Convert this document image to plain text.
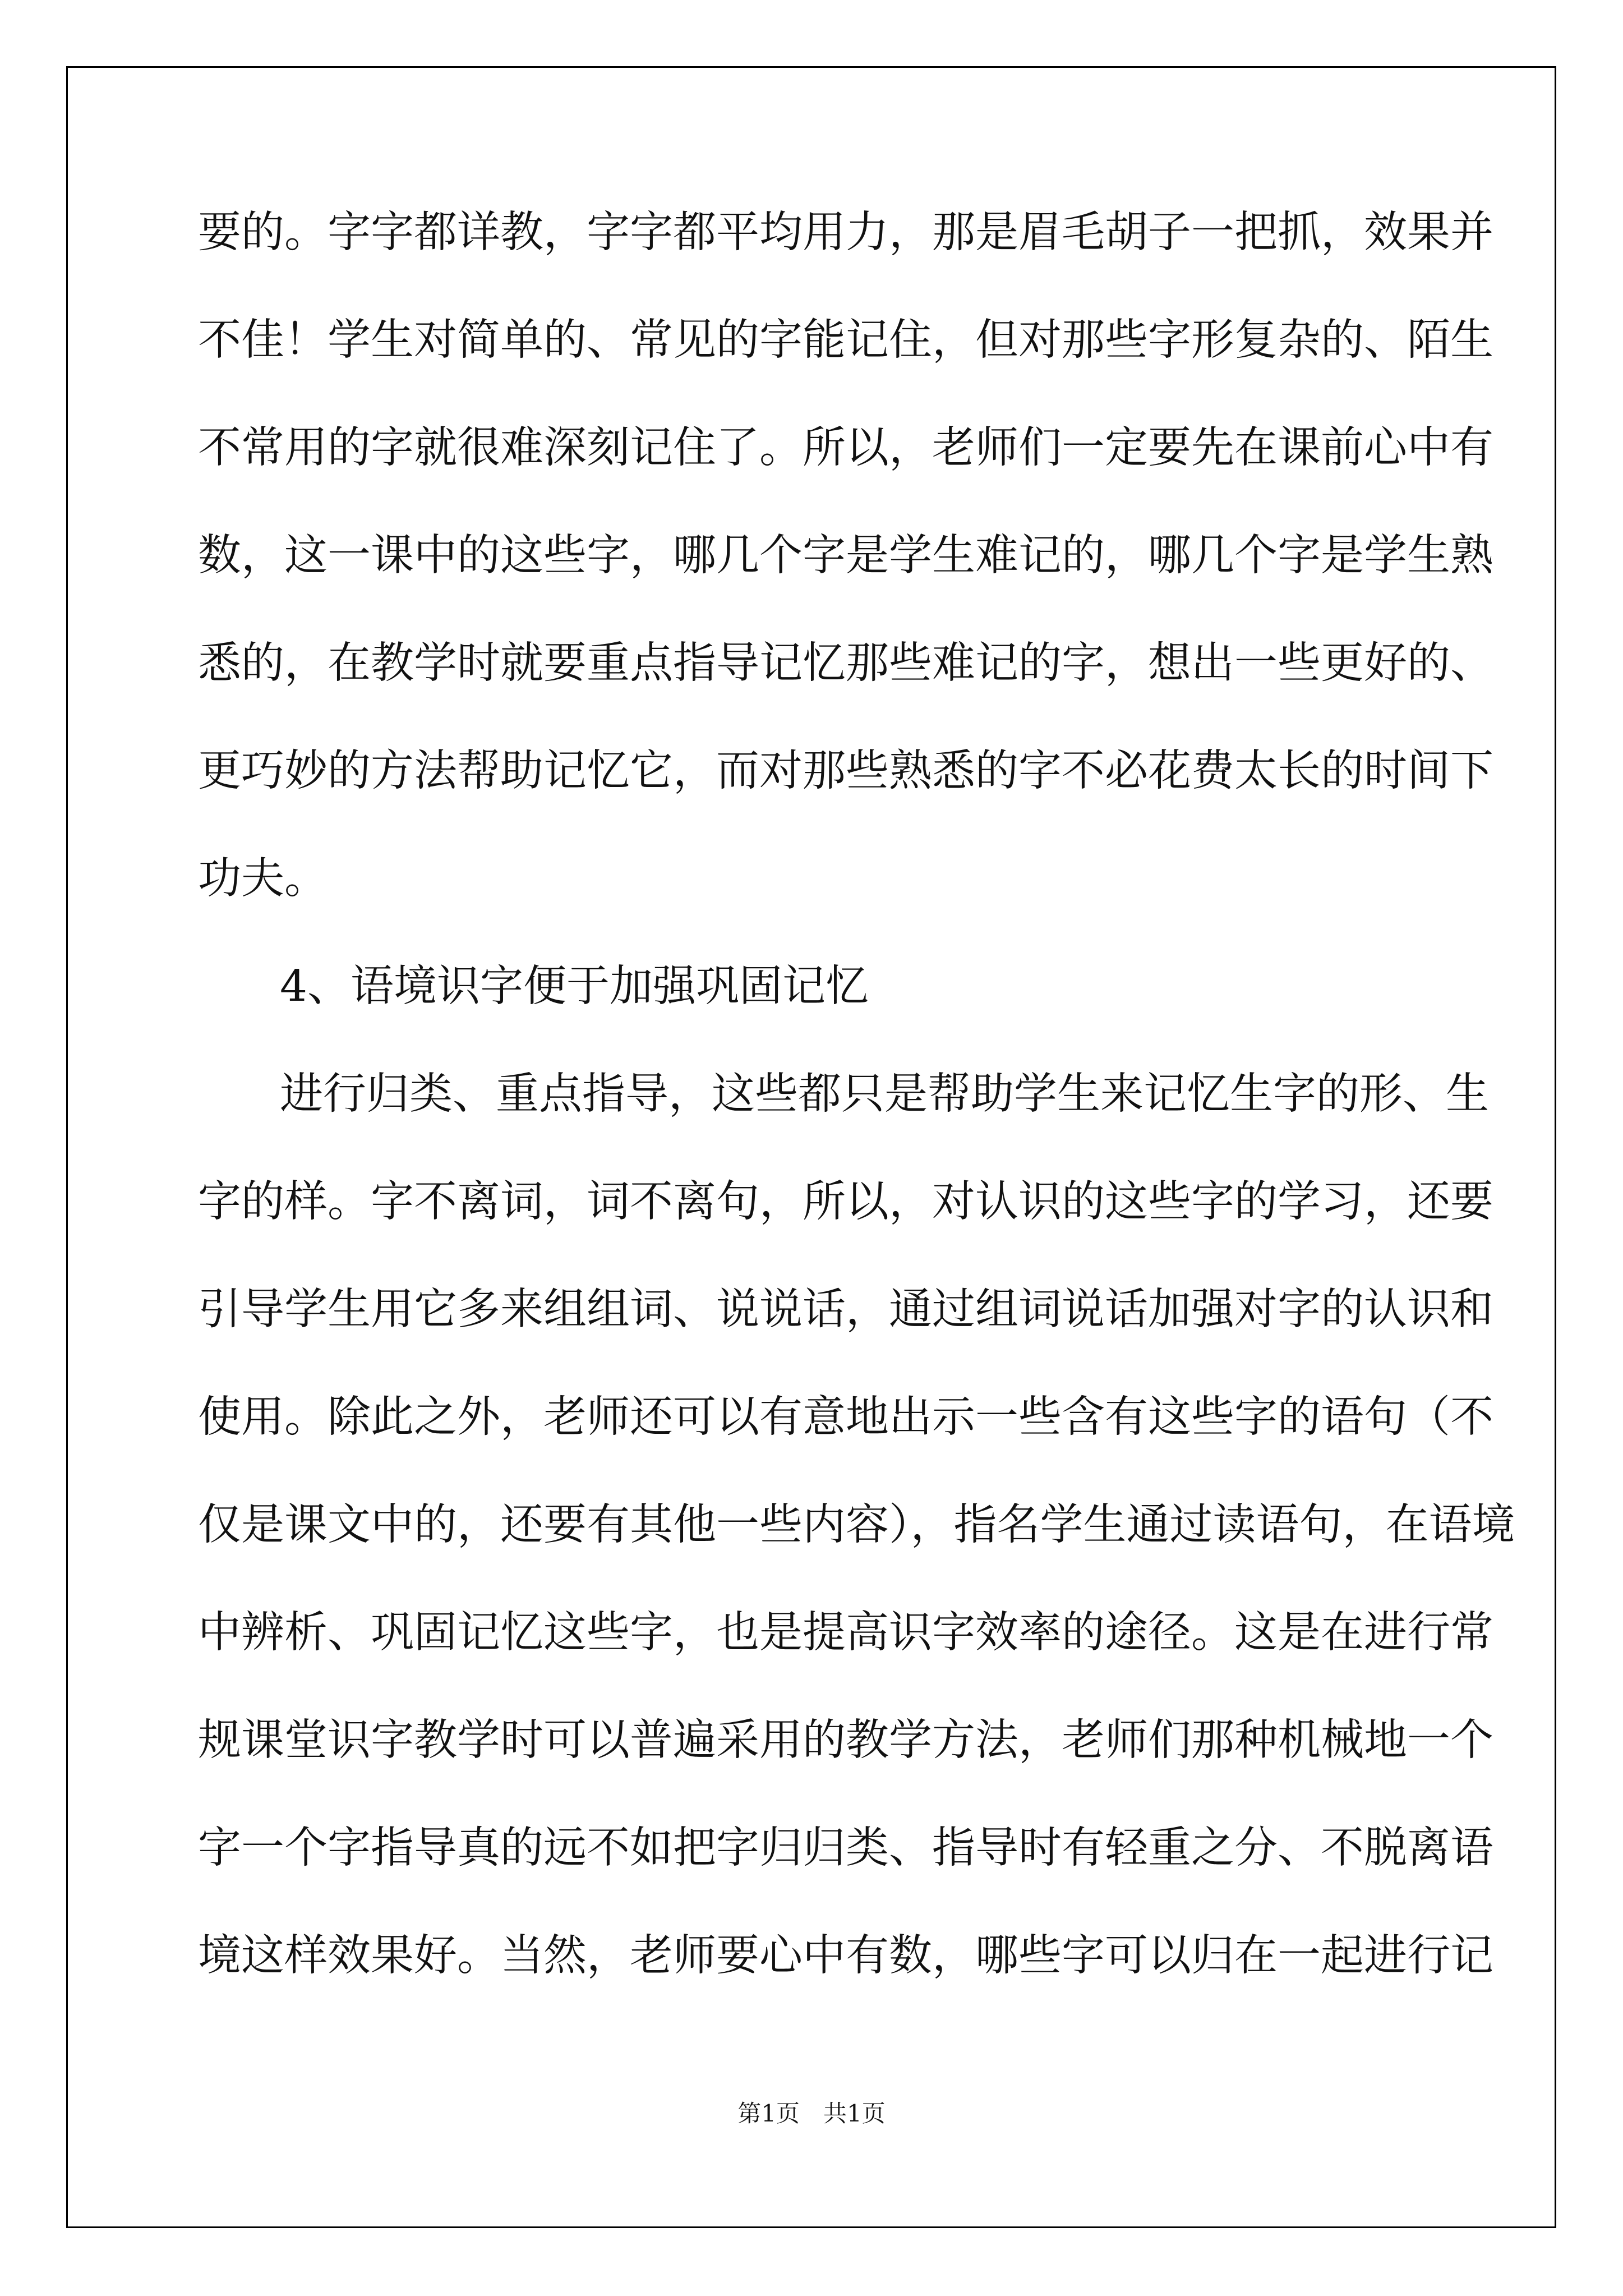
要的。字字都详教，字字都平均用力，那是眉毛胡子一把抓，效果并

不佳！学生对简单的、常见的字能记住，但对那些字形复杂的、陌生

不常用的字就很难深刻记住了。所以，老师们一定要先在课前心中有

数，这一课中的这些字，哪几个字是学生难记的，哪几个字是学生熟

悉的，在教学时就要重点指导记忆那些难记的字，想出一些更好的、

更巧妙的方法帮助记忆它，而对那些熟悉的字不必花费太长的时间下

功夫。

4、语境识字便于加强巩固记忆

进行归类、重点指导，这些都只是帮助学生来记忆生字的形、生

字的样。字不离词，词不离句，所以，对认识的这些字的学习，还要

引导学生用它多来组组词、说说话，通过组词说话加强对字的认识和

使用。除此之外，老师还可以有意地出示一些含有这些字的语句（不

仅是课文中的，还要有其他一些内容），指名学生通过读语句，在语境

中辨析、巩固记忆这些字，也是提高识字效率的途径。这是在进行常

规课堂识字教学时可以普遍采用的教学方法，老师们那种机械地一个

字一个字指导真的远不如把字归归类、指导时有轻重之分、不脱离语

境这样效果好。当然，老师要心中有数，哪些字可以归在一起进行记

第1页　共1页
